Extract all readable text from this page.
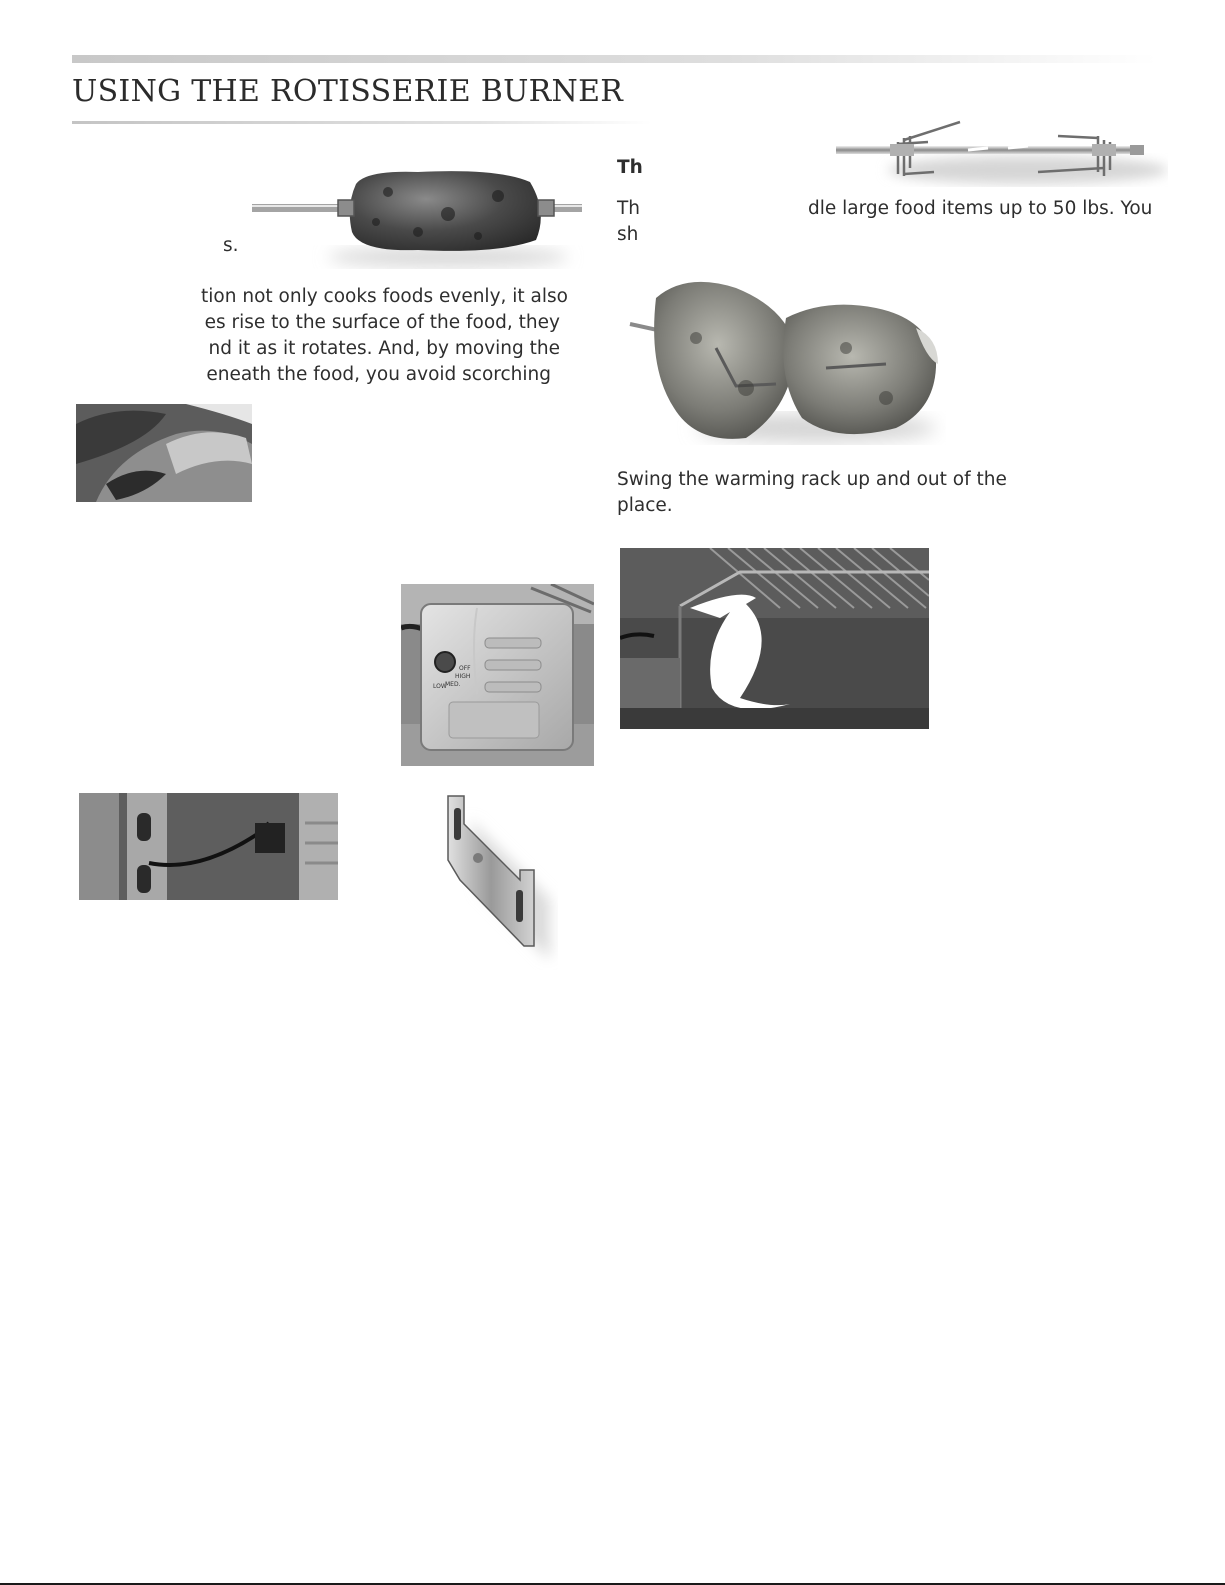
USING THE ROTISSERIE BURNER

s.

tion not only cooks foods evenly, it also

es rise to the surface of the food, they

nd it as it rotates. And, by moving the

eneath the food, you avoid scorching

Th

Th	dle large food items up to 50 lbs. You

sh

Swing the warming rack up and out of the

place.

OFF
HIGH
MED.
LOW
